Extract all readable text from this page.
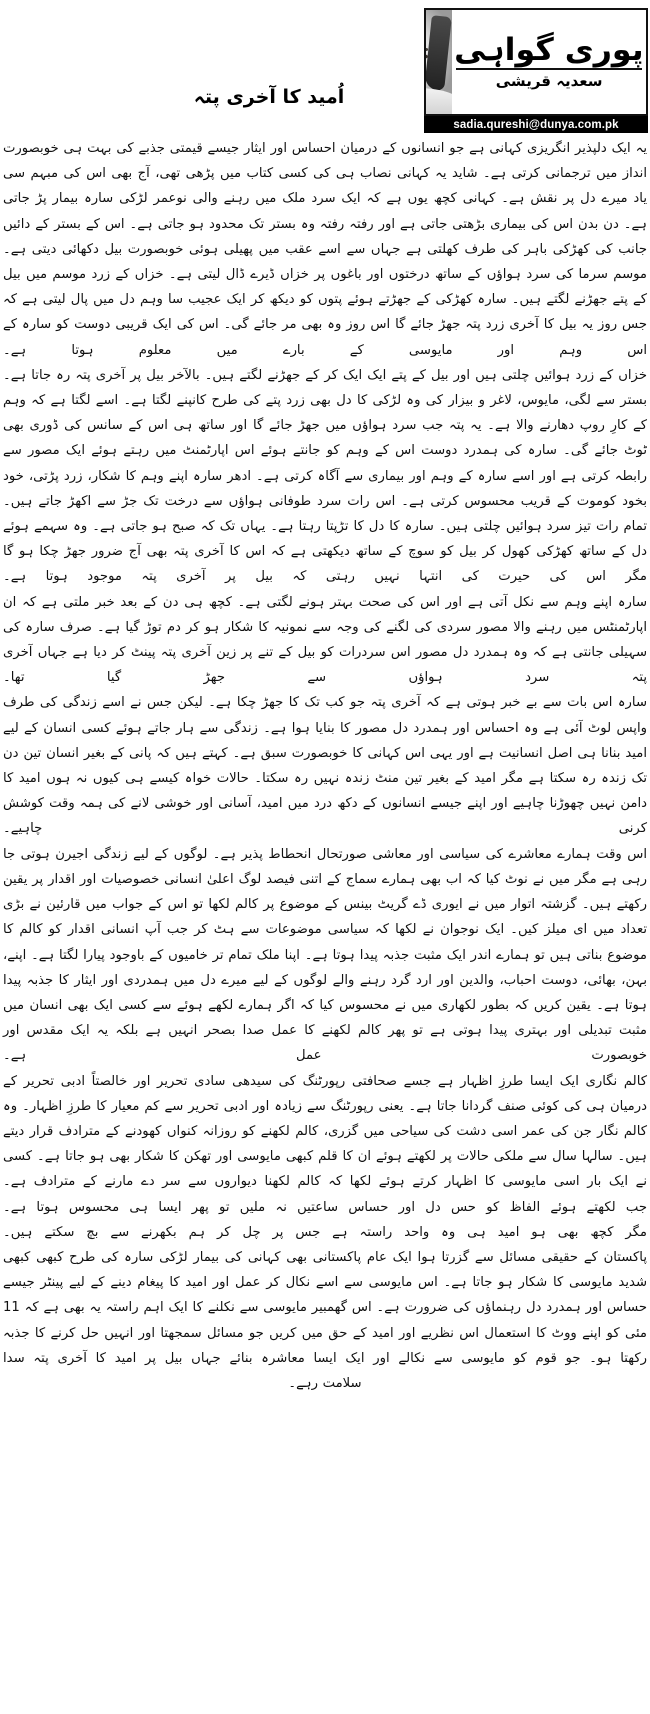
پوری گواہی
سعدیہ قریشی
sadia.qureshi@dunya.com.pk
اُمید کا آخری پتہ

یہ ایک دلپذیر انگریزی کہانی ہے جو انسانوں کے درمیان احساس اور ایثار جیسے قیمتی جذبے کی بہت ہی خوبصورت انداز میں ترجمانی کرتی ہے۔ شاید یہ کہانی نصاب ہی کی کسی کتاب میں پڑھی تھی، آج بھی اس کی مبہم سی یاد میرے دل پر نقش ہے۔ کہانی کچھ یوں ہے کہ ایک سرد ملک میں رہنے والی نوعمر لڑکی سارہ بیمار پڑ جاتی ہے۔ دن بدن اس کی بیماری بڑھتی جاتی ہے اور رفتہ رفتہ وہ بستر تک محدود ہو جاتی ہے۔ اس کے بستر کے دائیں جانب کی کھڑکی باہر کی طرف کھلتی ہے جہاں سے اسے عقب میں پھیلی ہوئی خوبصورت بیل دکھائی دیتی ہے۔ موسم سرما کی سرد ہواؤں کے ساتھ درختوں اور باغوں پر خزاں ڈیرے ڈال لیتی ہے۔ خزاں کے زرد موسم میں بیل کے پتے جھڑنے لگتے ہیں۔ سارہ کھڑکی کے جھڑتے ہوئے پتوں کو دیکھ کر ایک عجیب سا وہم دل میں پال لیتی ہے کہ جس روز یہ بیل کا آخری زرد پتہ جھڑ جائے گا اس روز وہ بھی مر جائے گی۔ اس کی ایک قریبی دوست کو سارہ کے اس وہم اور مایوسی کے بارے میں معلوم ہوتا ہے۔

خزاں کے زرد ہوائیں چلتی ہیں اور بیل کے پتے ایک ایک کر کے جھڑنے لگتے ہیں۔ بالآخر بیل پر آخری پتہ رہ جاتا ہے۔ بستر سے لگی، مایوس، لاغر و بیزار کی وہ لڑکی کا دل بھی زرد پتے کی طرح کانپنے لگتا ہے۔ اسے لگتا ہے کہ وہم کے کارِ روپ دھارنے والا ہے۔ یہ پتہ جب سرد ہواؤں میں جھڑ جائے گا اور ساتھ ہی اس کے سانس کی ڈوری بھی ٹوٹ جائے گی۔ سارہ کی ہمدرد دوست اس کے وہم کو جانتے ہوئے اس اپارٹمنٹ میں رہتے ہوئے ایک مصور سے رابطہ کرتی ہے اور اسے سارہ کے وہم اور بیماری سے آگاہ کرتی ہے۔ ادھر سارہ اپنے وہم کا شکار، زرد پڑتی، خود بخود کوموت کے قریب محسوس کرتی ہے۔ اس رات سرد طوفانی ہواؤں سے درخت تک جڑ سے اکھڑ جاتے ہیں۔ تمام رات تیز سرد ہوائیں چلتی ہیں۔ سارہ کا دل کا تڑپتا رہتا ہے۔ یہاں تک کہ صبح ہو جاتی ہے۔ وہ سہمے ہوئے دل کے ساتھ کھڑکی کھول کر بیل کو سوچ کے ساتھ دیکھتی ہے کہ اس کا آخری پتہ بھی آج ضرور جھڑ چکا ہو گا مگر اس کی حیرت کی انتہا نہیں رہتی کہ بیل پر آخری پتہ موجود ہوتا ہے۔

سارہ اپنے وہم سے نکل آتی ہے اور اس کی صحت بہتر ہونے لگتی ہے۔ کچھ ہی دن کے بعد خبر ملتی ہے کہ ان اپارٹمنٹس میں رہنے والا مصور سردی کی لگنے کی وجہ سے نمونیہ کا شکار ہو کر دم توڑ گیا ہے۔ صرف سارہ کی سہیلی جانتی ہے کہ وہ ہمدرد دل مصور اس سردرات کو بیل کے تنے پر زین آخری پتہ پینٹ کر دیا ہے جہاں آخری پتہ سرد ہواؤں سے جھڑ گیا تھا۔

سارہ اس بات سے بے خبر ہوتی ہے کہ آخری پتہ جو کب تک کا جھڑ چکا ہے۔ لیکن جس نے اسے زندگی کی طرف واپس لوٹ آئی ہے وہ احساس اور ہمدرد دل مصور کا بنایا ہوا ہے۔ زندگی سے ہار جاتے ہوئے کسی انسان کے لیے امید بنانا ہی اصل انسانیت ہے اور یہی اس کہانی کا خوبصورت سبق ہے۔ کہتے ہیں کہ پانی کے بغیر انسان تین دن تک زندہ رہ سکتا ہے مگر امید کے بغیر تین منٹ زندہ نہیں رہ سکتا۔ حالات خواہ کیسے ہی کیوں نہ ہوں امید کا دامن نہیں چھوڑنا چاہیے اور اپنے جیسے انسانوں کے دکھ درد میں امید، آسانی اور خوشی لانے کی ہمہ وقت کوشش کرنی چاہیے۔

اس وقت ہمارے معاشرے کی سیاسی اور معاشی صورتحال انحطاط پذیر ہے۔ لوگوں کے لیے زندگی اجیرن ہوتی جا رہی ہے مگر میں نے نوٹ کیا کہ اب بھی ہمارے سماج کے اتنی فیصد لوگ اعلیٰ انسانی خصوصیات اور اقدار پر یقین رکھتے ہیں۔ گزشتہ اتوار میں نے ایوری ڈے گریٹ بینس کے موضوع پر کالم لکھا تو اس کے جواب میں قارئین نے بڑی تعداد میں ای میلز کیں۔ ایک نوجوان نے لکھا کہ سیاسی موضوعات سے ہٹ کر جب آپ انسانی اقدار کو کالم کا موضوع بناتی ہیں تو ہمارے اندر ایک مثبت جذبہ پیدا ہوتا ہے۔ اپنا ملک تمام تر خامیوں کے باوجود پیارا لگتا ہے۔ اپنے، بہن، بھائی، دوست احباب، والدین اور ارد گرد رہنے والے لوگوں کے لیے میرے دل میں ہمدردی اور ایثار کا جذبہ پیدا ہوتا ہے۔ یقین کریں کہ بطور لکھاری میں نے محسوس کیا کہ اگر ہمارے لکھے ہوئے سے کسی ایک بھی انسان میں مثبت تبدیلی اور بہتری پیدا ہوتی ہے تو پھر کالم لکھنے کا عمل صدا بصحر انہیں ہے بلکہ یہ ایک مقدس اور خوبصورت عمل ہے۔

کالم نگاری ایک ایسا طرزِ اظہار ہے جسے صحافتی رپورٹنگ کی سیدھی سادی تحریر اور خالصتاً ادبی تحریر کے درمیان ہی کی کوئی صنف گردانا جاتا ہے۔ یعنی رپورٹنگ سے زیادہ اور ادبی تحریر سے کم معیار کا طرزِ اظہار۔ وہ کالم نگار جن کی عمر اسی دشت کی سیاحی میں گزری، کالم لکھنے کو روزانہ کنواں کھودنے کے مترادف قرار دیتے ہیں۔ سالہا سال سے ملکی حالات پر لکھتے ہوئے ان کا قلم کبھی مایوسی اور تھکن کا شکار بھی ہو جاتا ہے۔ کسی نے ایک بار اسی مایوسی کا اظہار کرتے ہوئے لکھا کہ کالم لکھنا دیواروں سے سر دے مارنے کے مترادف ہے۔

جب لکھتے ہوئے الفاظ کو حس دل اور حساس ساعتیں نہ ملیں تو پھر ایسا ہی محسوس ہوتا ہے۔

مگر کچھ بھی ہو امید ہی وہ واحد راستہ ہے جس پر چل کر ہم بکھرنے سے بچ سکتے ہیں۔

پاکستان کے حقیقی مسائل سے گزرتا ہوا ایک عام پاکستانی بھی کہانی کی بیمار لڑکی سارہ کی طرح کبھی کبھی شدید مایوسی کا شکار ہو جاتا ہے۔ اس مایوسی سے اسے نکال کر عمل اور امید کا پیغام دینے کے لیے پینٹر جیسے حساس اور ہمدرد دل رہنماؤں کی ضرورت ہے۔ اس گھمبیر مایوسی سے نکلنے کا ایک اہم راستہ یہ بھی ہے کہ 11 مئی کو اپنے ووٹ کا استعمال اس نظریے اور امید کے حق میں کریں جو مسائل سمجھتا اور انہیں حل کرنے کا جذبہ رکھتا ہو۔ جو قوم کو مایوسی سے نکالے اور ایک ایسا معاشرہ بنائے جہاں بیل پر امید کا آخری پتہ سدا

سلامت رہے۔
